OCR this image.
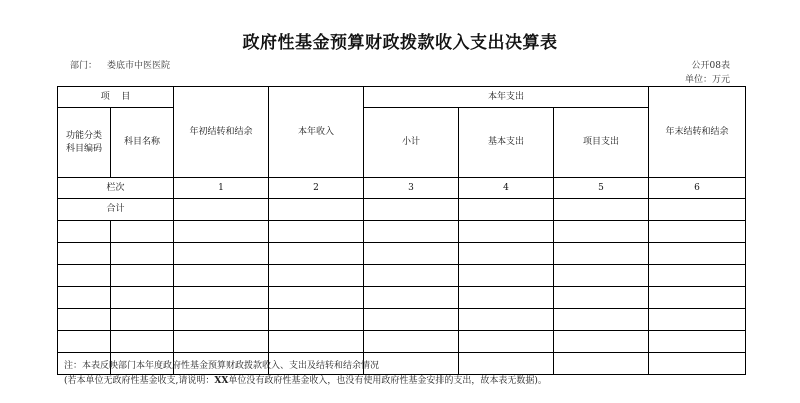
政府性基金预算财政拨款收入支出决算表
部门： 娄底市中医医院	公开08表
单位：万元
项    目		年初结转和结余	本年收入	本年支出			年末结转和结余
功能分类科目编码	科目名称			小计	基本支出	项目支出	
栏次		1	2	3	4	5	6
合计							

注：本表反映部门本年度政府性基金预算财政拨款收入、支出及结转和结余情况
(若本单位无政府性基金收支,请说明：XX单位没有政府性基金收入，也没有使用政府性基金安排的支出，故本表无数据)。
